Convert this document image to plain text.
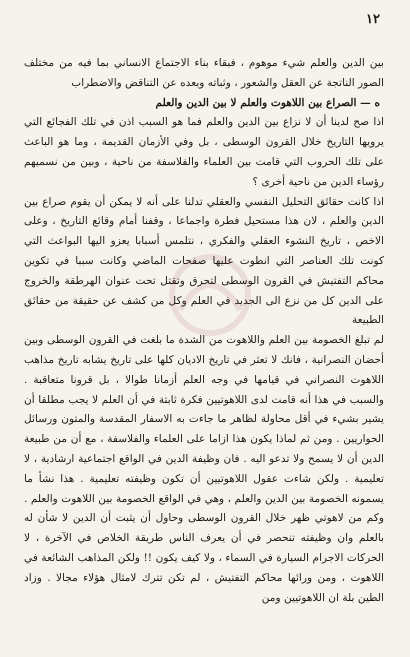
١٢

بين الدين والعلم شيء موهوم ، فبقاء بناء الاجتماع الانساني بما فيه من مختلف الصور الناتجة عن العقل والشعور ، وثباته وبعده عن التناقض والاضطراب

ه — الصراع بين اللاهوت والعلم لا بين الدين والعلم

اذا صح لدينا أن لا نزاع بين الدين والعلم فما هو السبب اذن في تلك الفجائع التي يرويها التاريخ خلال القرون الوسطى ، بل وفي الأزمان القديمة ، وما هو الباعث على تلك الحروب التي قامت بين العلماء والفلاسفة من ناحية ، وبين من نسميهم رؤساء الدين من ناحية أخرى ؟

اذا كانت حقائق التحليل النفسي والعقلي تدلنا على أنه لا يمكن أن يقوم صراع بين الدين والعلم ، لان هذا مستحيل فطرة واجماعا ، وقفنا أمام وقائع التاريخ ، وعلى الاخص ، تاريخ النشوء العقلي والفكري ، نتلمس أسبابا يعزو اليها البواعث التي كونت تلك العناصر التي انطوت عليها صفحات الماضي وكانت سببا في تكوين محاكم التفتيش في القرون الوسطى لتحرق وتقتل تحت عنوان الهرطقة والخروج على الدين كل من نزع الى الجديد في العلم وكل من كشف عن حقيقة من حقائق الطبيعة

لم تبلغ الخصومة بين العلم واللاهوت من الشدة ما بلغت في القرون الوسطى وبين أحضان النصرانية ، فانك لا تعثر في تاريخ الاديان كلها على تاريخ يشابه تاريخ مذاهب اللاهوت النصراني في قيامها في وجه العلم أزمانا طوالا ، بل قرونا متعاقبة . والسبب في هذا أنه قامت لدى اللاهوتيين فكرة ثابتة في أن العلم لا يجب مطلقا أن يشير بشيء في أقل محاولة لظاهر ما جاءت به الاسفار المقدسة والمتون ورسائل الحواريين . ومن ثم لماذا يكون هذا ازاما على العلماء والفلاسفة ، مع أن من طبيعة الدين أن لا يسمح ولا تدعو اليه . فان وظيفة الدين في الواقع اجتماعية ارشادية ، لا تعليمية . ولكن شاءت عقول اللاهوتيين أن تكون وظيفته تعليمية . هذا نشأ ما يسمونه الخصومة بين الدين والعلم ، وهي في الواقع الخصومة بين اللاهوت والعلم . وكم من لاهوتي ظهر خلال القرون الوسطى وحاول أن يثبت أن الدين لا شأن له بالعلم وان وظيفته تنحصر في أن يعرف الناس طريقة الخلاص في الآخرة ، لا الحركات الاجرام السيارة في السماء ، ولا كيف يكون !! ولكن المذاهب الشائعة في اللاهوت ، ومن ورائها محاكم التفتيش ، لم تكن تترك لامثال هؤلاء مجالا . وزاد الطين بلة ان اللاهوتيين ومن
